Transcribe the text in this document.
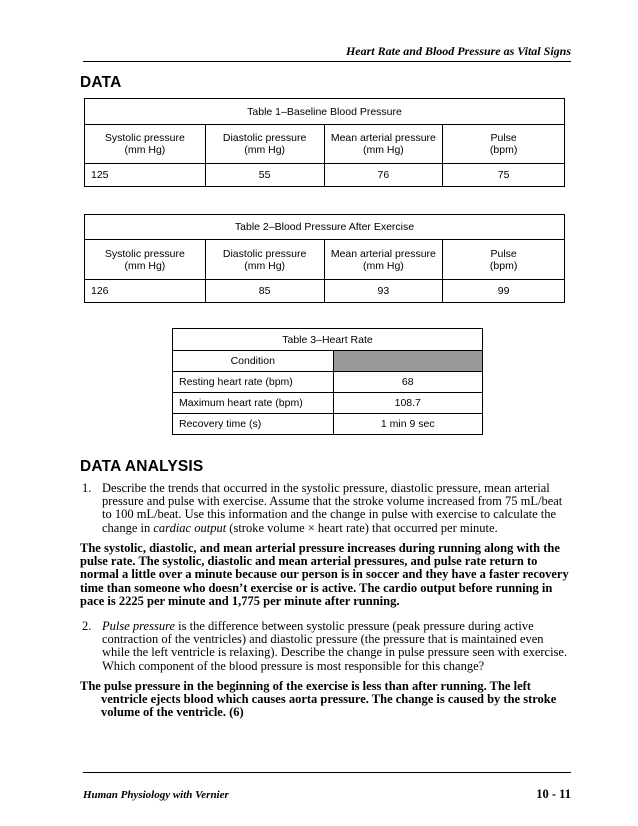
Heart Rate and Blood Pressure as Vital Signs
DATA
Table 1–Baseline Blood Pressure			
Systolic pressure
(mm Hg)	Diastolic pressure
(mm Hg)	Mean arterial pressure
(mm Hg)	Pulse
(bpm)
125	55	76	75
Table 2–Blood Pressure After Exercise			
Systolic pressure
(mm Hg)	Diastolic pressure
(mm Hg)	Mean arterial pressure
(mm Hg)	Pulse
(bpm)
126	85	93	99
Table 3–Heart Rate	
Condition	
Resting heart rate (bpm)	68
Maximum heart rate (bpm)	108.7
Recovery time (s)	1 min 9 sec
DATA ANALYSIS
1. Describe the trends that occurred in the systolic pressure, diastolic pressure, mean arterial pressure and pulse with exercise. Assume that the stroke volume increased from 75 mL/beat to 100 mL/beat. Use this information and the change in pulse with exercise to calculate the change in cardiac output (stroke volume × heart rate) that occurred per minute.
The systolic, diastolic, and mean arterial pressure increases during running along with the pulse rate. The systolic, diastolic and mean arterial pressures, and pulse rate return to normal a little over a minute because our person is in soccer and they have a faster recovery time than someone who doesn’t exercise or is active. The cardio output before running in pace is 2225 per minute and 1,775 per minute after running.
2. Pulse pressure is the difference between systolic pressure (peak pressure during active contraction of the ventricles) and diastolic pressure (the pressure that is maintained even while the left ventricle is relaxing). Describe the change in pulse pressure seen with exercise. Which component of the blood pressure is most responsible for this change?
The pulse pressure in the beginning of the exercise is less than after running. The left ventricle ejects blood which causes aorta pressure. The change is caused by the stroke volume of the ventricle. (6)
Human Physiology with Vernier	10 - 11
